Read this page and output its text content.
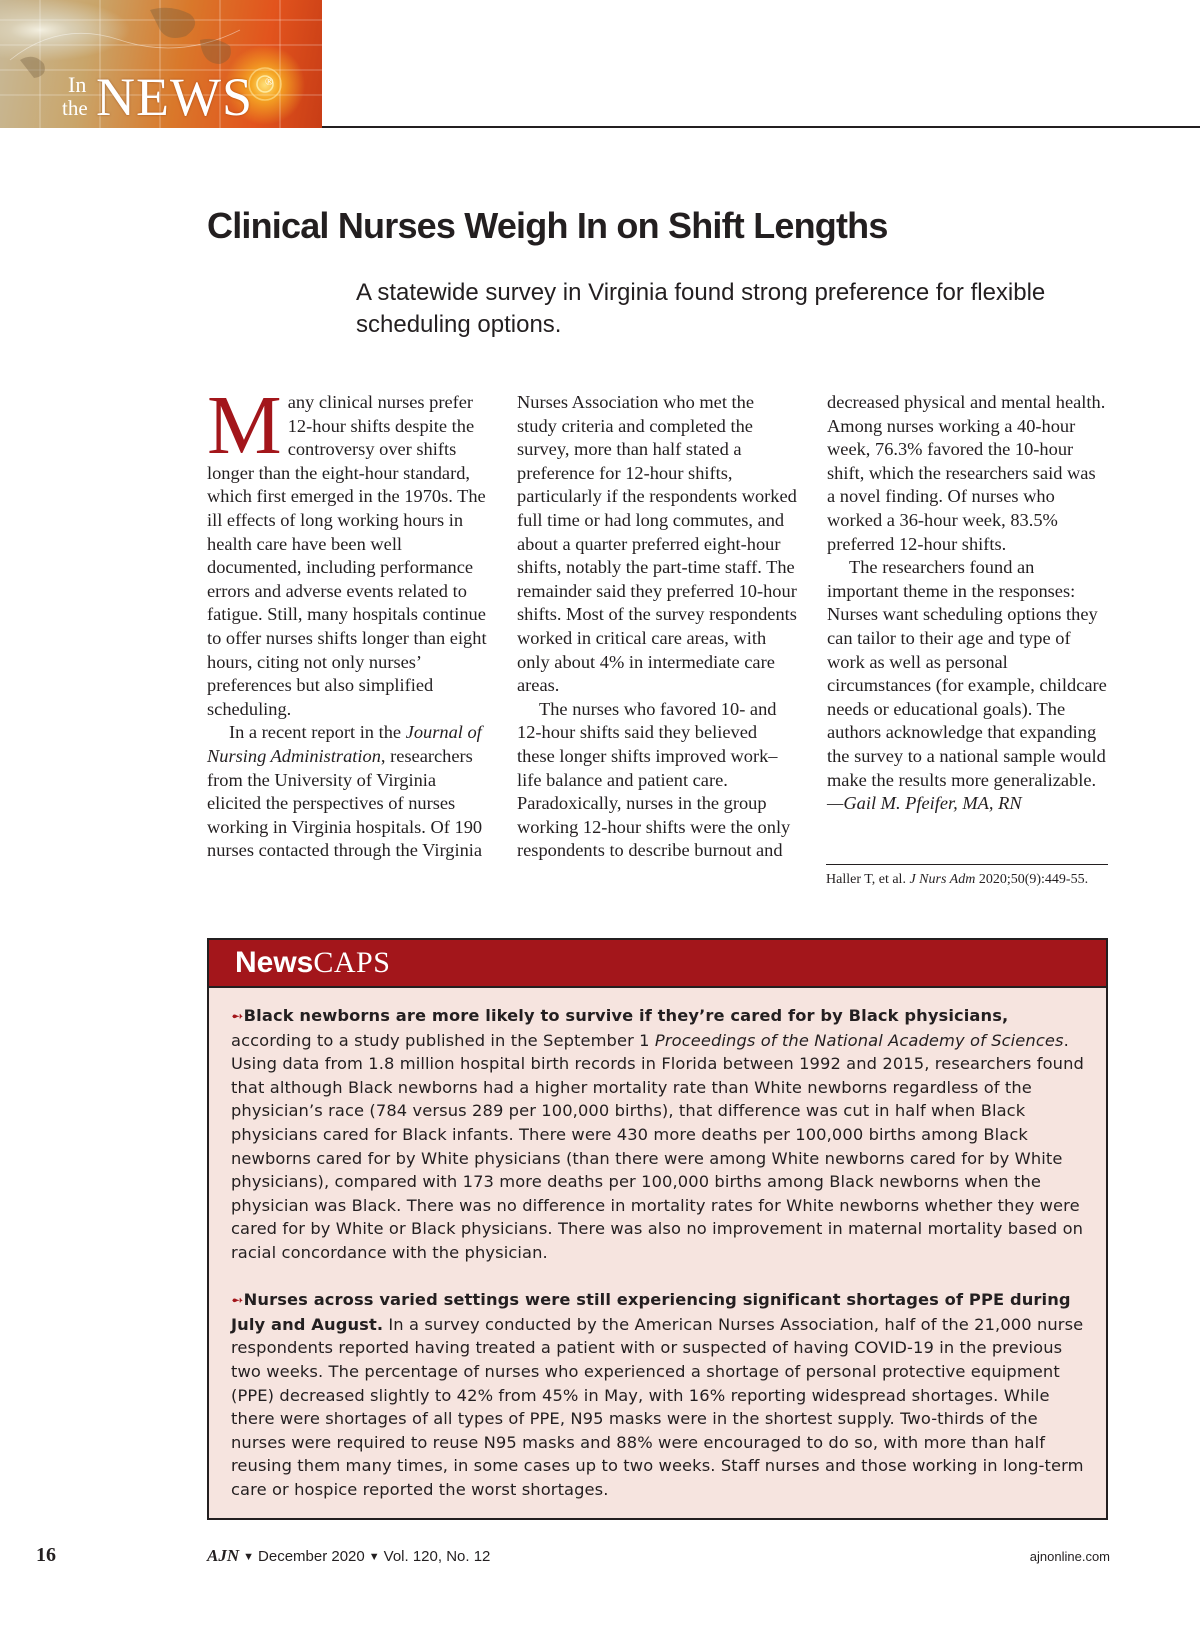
In
the NEWS ®
Clinical Nurses Weigh In on Shift Lengths

A statewide survey in Virginia found strong preference for flexible scheduling options.

Many clinical nurses prefer 12-hour shifts despite the controversy over shifts longer than the eight-hour standard, which first emerged in the 1970s. The ill effects of long working hours in health care have been well documented, including performance errors and adverse events related to fatigue. Still, many hospitals continue to offer nurses shifts longer than eight hours, citing not only nurses’ preferences but also simplified scheduling.

In a recent report in the Journal of Nursing Administration, researchers from the University of Virginia elicited the perspectives of nurses working in Virginia hospitals. Of 190 nurses contacted through the Virginia Nurses Association who met the study criteria and completed the survey, more than half stated a preference for 12-hour shifts, particularly if the respondents worked full time or had long commutes, and about a quarter preferred eight-hour shifts, notably the part-time staff. The remainder said they preferred 10-hour shifts. Most of the survey respondents worked in critical care areas, with only about 4% in intermediate care areas.

The nurses who favored 10- and 12-hour shifts said they believed these longer shifts improved work–life balance and patient care. Paradoxically, nurses in the group working 12-hour shifts were the only respondents to describe burnout and decreased physical and mental health. Among nurses working a 40-hour week, 76.3% favored the 10-hour shift, which the researchers said was a novel finding. Of nurses who worked a 36-hour week, 83.5% preferred 12-hour shifts.

The researchers found an important theme in the responses: Nurses want scheduling options they can tailor to their age and type of work as well as personal circumstances (for example, childcare needs or educational goals). The authors acknowledge that expanding the survey to a national sample would make the results more generalizable.—Gail M. Pfeifer, MA, RN

Haller T, et al. J Nurs Adm 2020;50(9):449-55.
NewsCAPS

➻Black newborns are more likely to survive if they’re cared for by Black physicians, according to a study published in the September 1 Proceedings of the National Academy of Sciences. Using data from 1.8 million hospital birth records in Florida between 1992 and 2015, researchers found that although Black newborns had a higher mortality rate than White newborns regardless of the physician’s race (784 versus 289 per 100,000 births), that difference was cut in half when Black physicians cared for Black infants. There were 430 more deaths per 100,000 births among Black newborns cared for by White physicians (than there were among White newborns cared for by White physicians), compared with 173 more deaths per 100,000 births among Black newborns when the physician was Black. There was no difference in mortality rates for White newborns whether they were cared for by White or Black physicians. There was also no improvement in maternal mortality based on racial concordance with the physician.

➻Nurses across varied settings were still experiencing significant shortages of PPE during July and August. In a survey conducted by the American Nurses Association, half of the 21,000 nurse respondents reported having treated a patient with or suspected of having COVID-19 in the previous two weeks. The percentage of nurses who experienced a shortage of personal protective equipment (PPE) decreased slightly to 42% from 45% in May, with 16% reporting widespread shortages. While there were shortages of all types of PPE, N95 masks were in the shortest supply. Two-thirds of the nurses were required to reuse N95 masks and 88% were encouraged to do so, with more than half reusing them many times, in some cases up to two weeks. Staff nurses and those working in long-term care or hospice reported the worst shortages.

16	AJN ▼ December 2020 ▼ Vol. 120, No. 12	ajnonline.com
